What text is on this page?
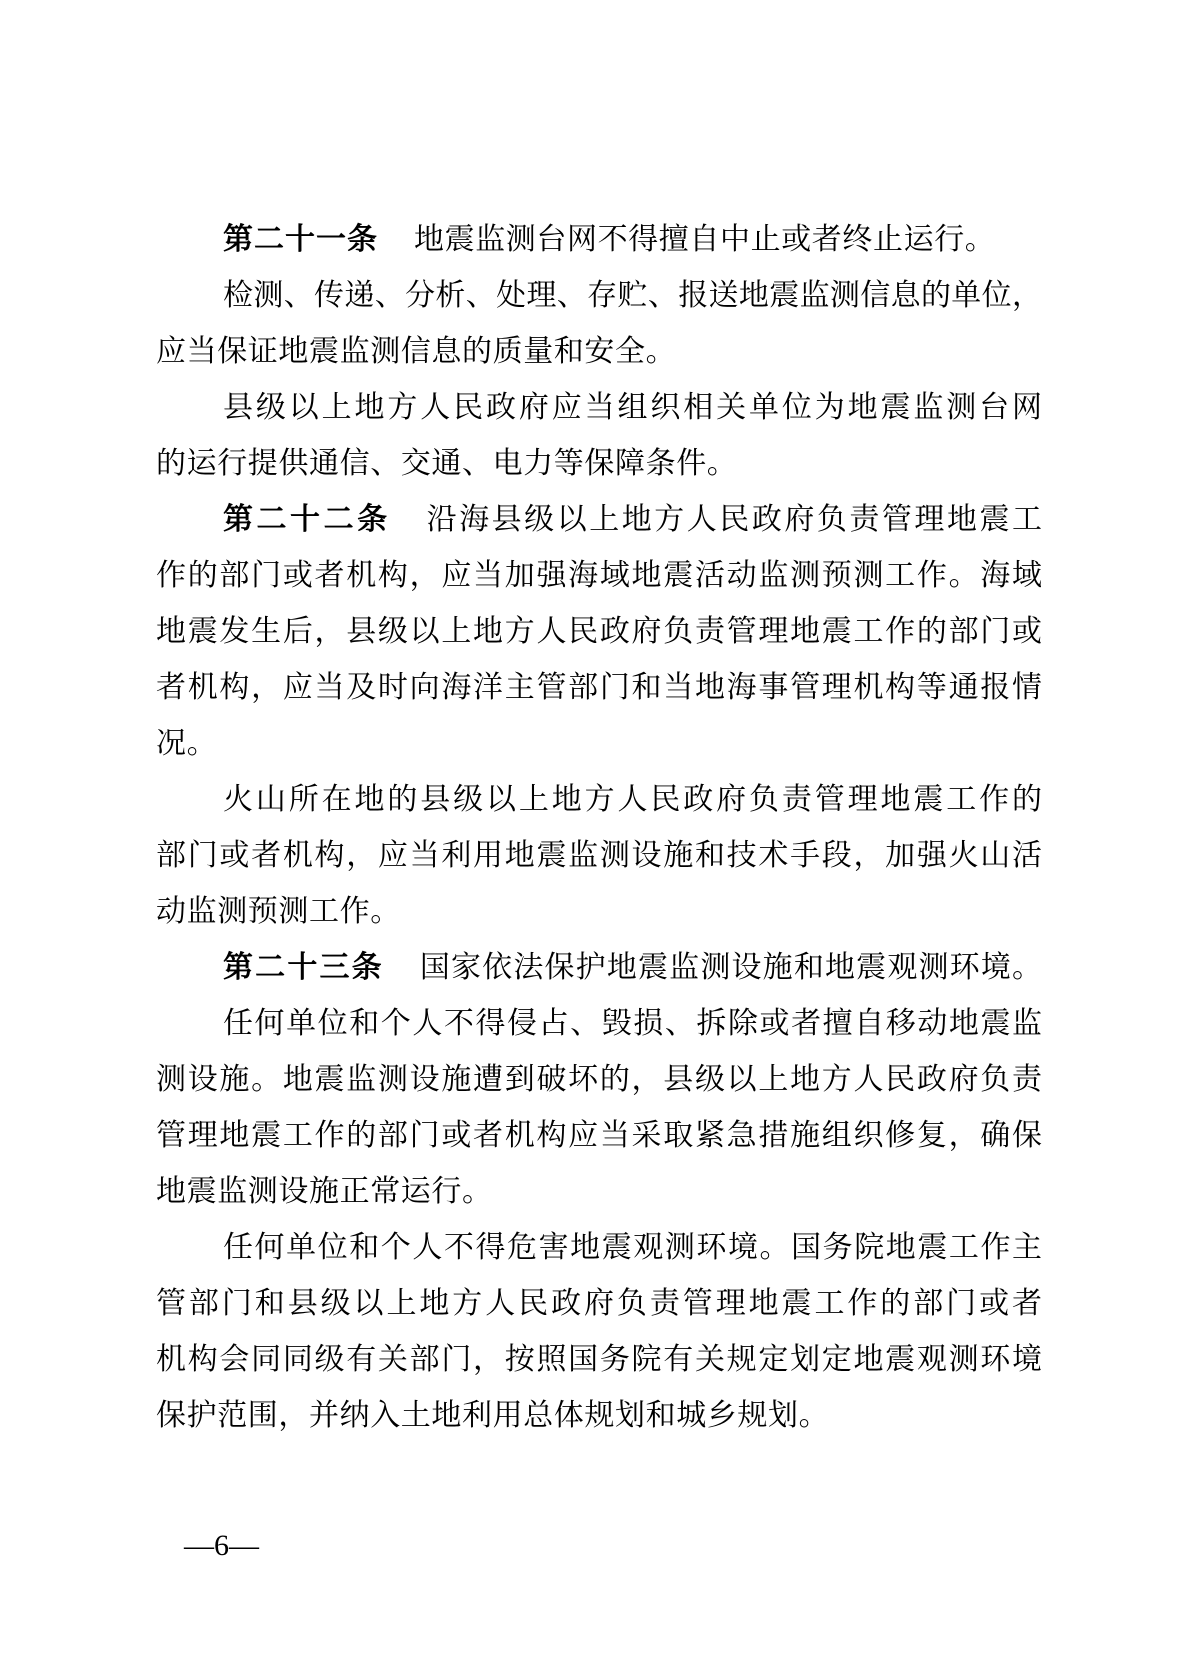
第二十一条 地震监测台网不得擅自中止或者终止运行。
检测、传递、分析、处理、存贮、报送地震监测信息的单位，
应当保证地震监测信息的质量和安全。
县级以上地方人民政府应当组织相关单位为地震监测台网
的运行提供通信、交通、电力等保障条件。
第二十二条 沿海县级以上地方人民政府负责管理地震工
作的部门或者机构，应当加强海域地震活动监测预测工作。海域
地震发生后，县级以上地方人民政府负责管理地震工作的部门或
者机构，应当及时向海洋主管部门和当地海事管理机构等通报情
况。
火山所在地的县级以上地方人民政府负责管理地震工作的
部门或者机构，应当利用地震监测设施和技术手段，加强火山活
动监测预测工作。
第二十三条 国家依法保护地震监测设施和地震观测环境。
任何单位和个人不得侵占、毁损、拆除或者擅自移动地震监
测设施。地震监测设施遭到破坏的，县级以上地方人民政府负责
管理地震工作的部门或者机构应当采取紧急措施组织修复，确保
地震监测设施正常运行。
任何单位和个人不得危害地震观测环境。国务院地震工作主
管部门和县级以上地方人民政府负责管理地震工作的部门或者
机构会同同级有关部门，按照国务院有关规定划定地震观测环境
保护范围，并纳入土地利用总体规划和城乡规划。
—6—
